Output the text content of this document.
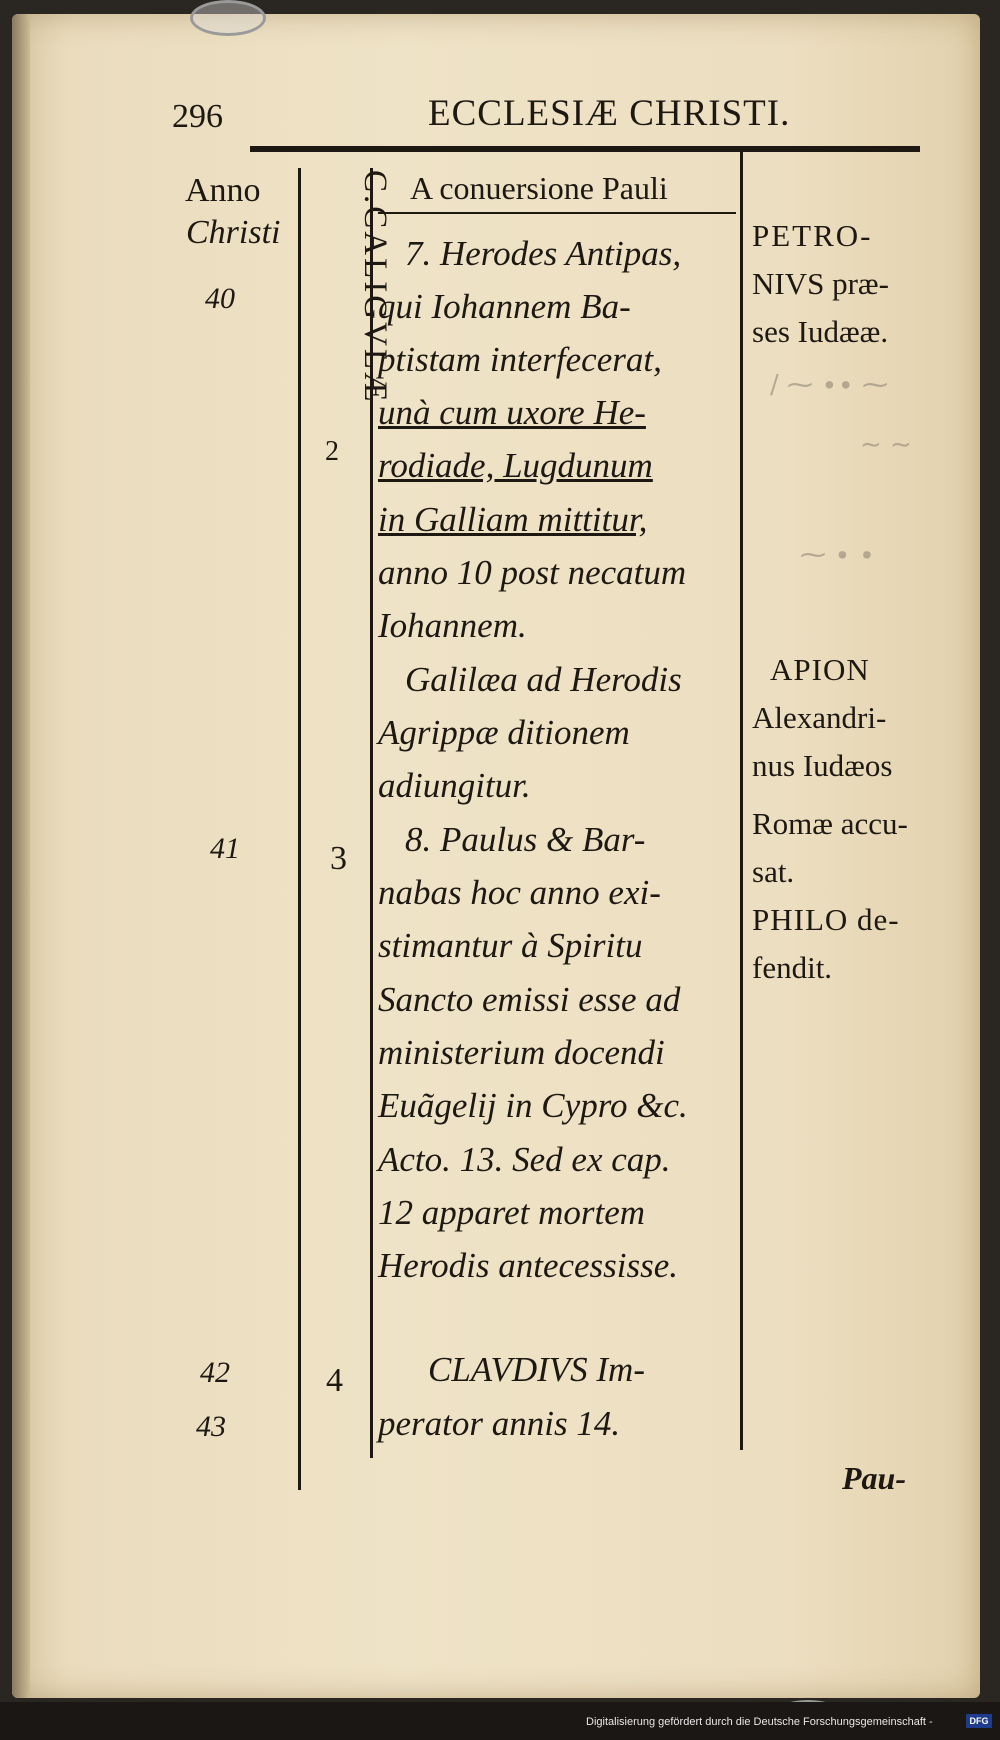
296	ECCLESIÆ CHRISTI.
Anno
Christi
40
41
42
43
C.CALIGVLÆ
2
3
4
A conuersione Pauli
7. Herodes Antipas,
qui Iohannem Ba-
ptistam interfecerat,
unà cum uxore He-
rodiade, Lugdunum
in Galliam mittitur,
anno 10 post necatum
Iohannem.
Galilæa ad Herodis
Agrippæ ditionem
adiungitur.
8. Paulus & Bar-
nabas hoc anno exi-
stimantur à Spiritu
Sancto emissi esse ad
ministerium docendi
Euãgelij in Cypro &c.
Acto. 13. Sed ex cap.
12 apparet mortem
Herodis antecessisse.
CLAVDIVS Im-
perator annis 14.
PETRO-
NIVS præ-
ses Iudææ.
APION
Alexandri-
nus Iudæos
Romæ accu-
sat.
PHILO de-
fendit.
∕ ⁓ ∙∙ ⁓
∼ ∼
⁓ ∙ ∙
Pau-
Digitalisierung gefördert durch die Deutsche Forschungsgemeinschaft -	DFG
